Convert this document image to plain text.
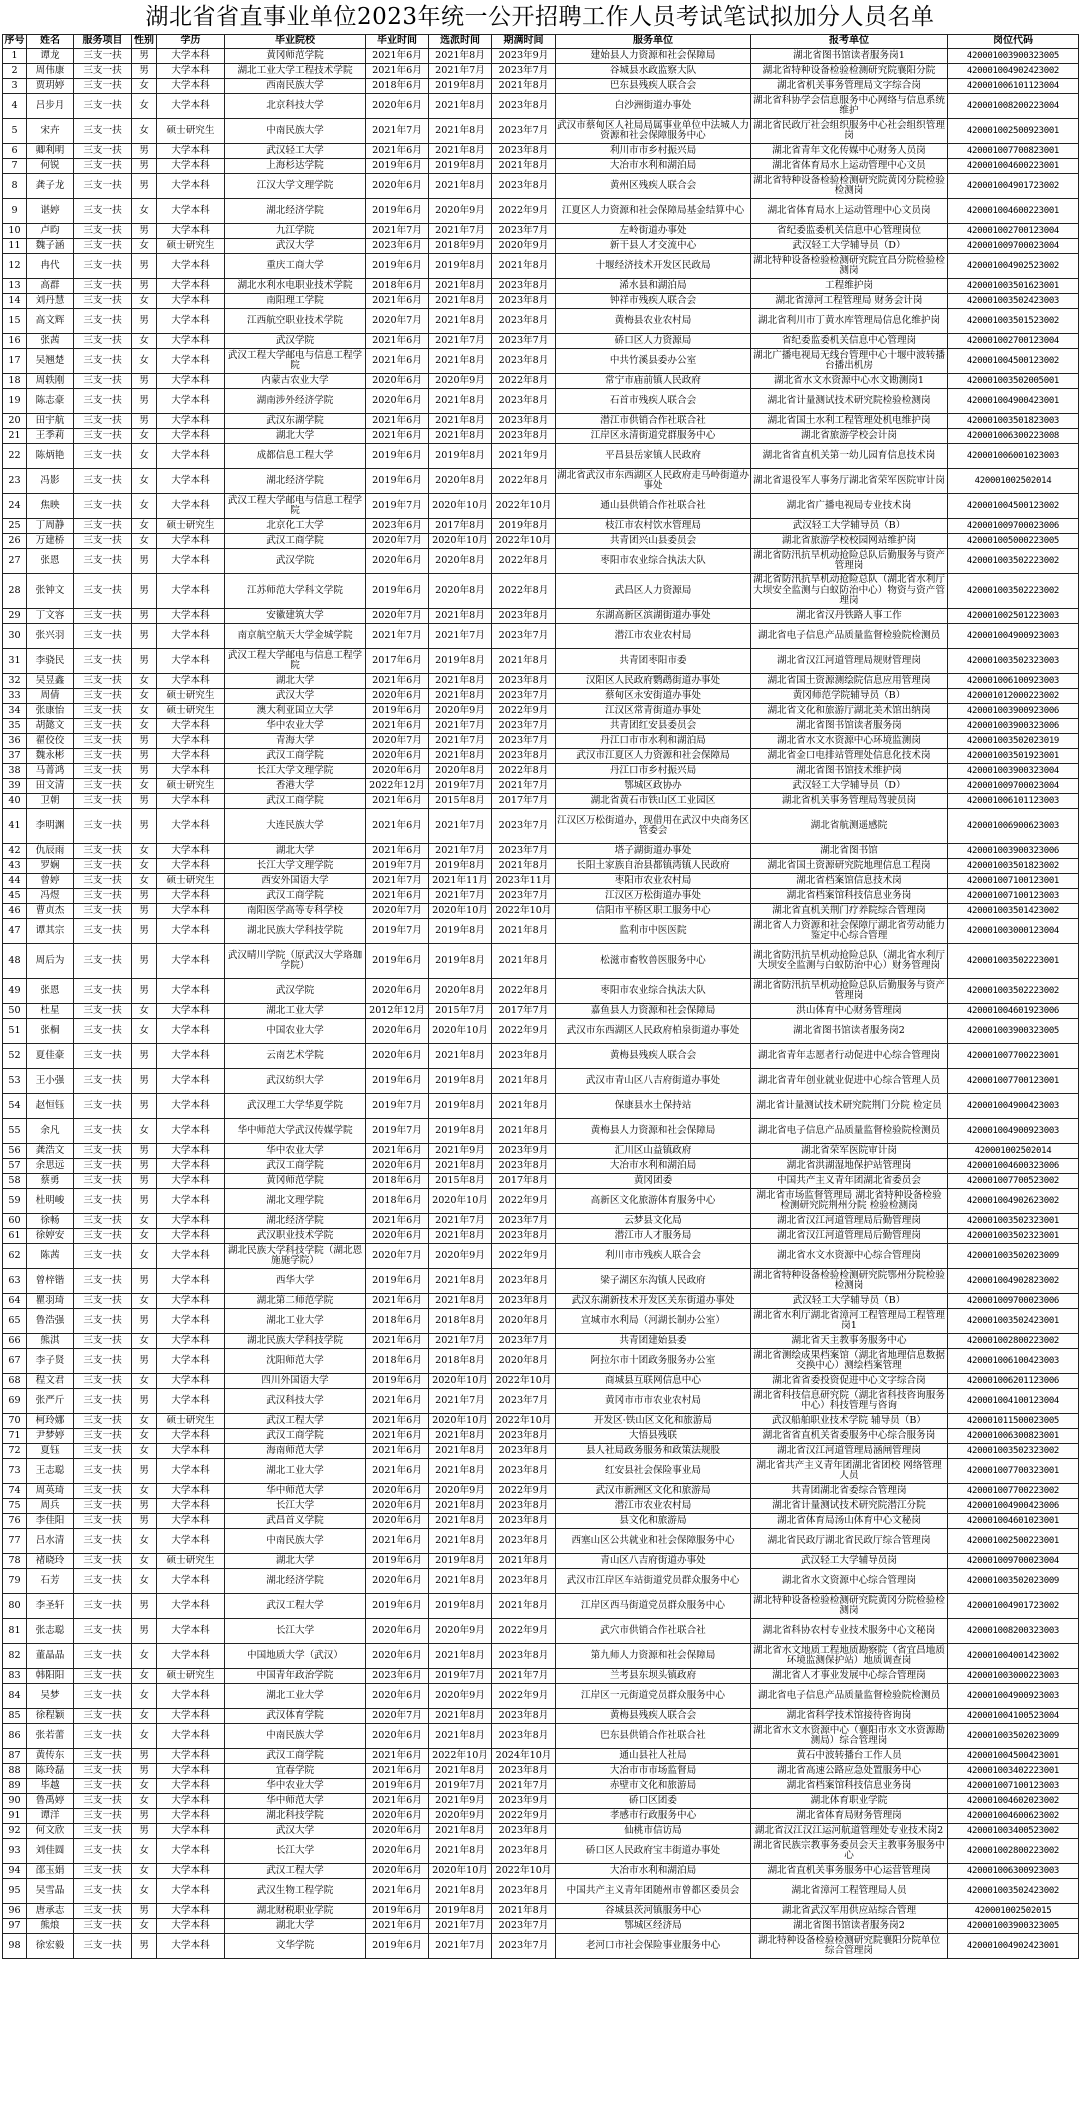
湖北省省直事业单位2023年统一公开招聘工作人员考试笔试拟加分人员名单
序号	姓名	服务项目	性别	学历	毕业院校	毕业时间	选派时间	期满时间	服务单位	报考单位	岗位代码
1	谭龙	三支一扶	男	大学本科	黄冈师范学院	2021年6月	2021年8月	2023年9月	建始县人力资源和社会保障局	湖北省图书馆读者服务岗1	420001003900323005
2	周伟康	三支一扶	男	大学本科	湖北工业大学工程技术学院	2021年6月	2021年7月	2023年7月	谷城县水政监察大队	湖北省特种设备检验检测研究院襄阳分院	420001004902423002
3	贾玥婷	三支一扶	女	大学本科	西南民族大学	2018年6月	2019年8月	2021年8月	巴东县残疾人联合会	湖北省机关事务管理局文字综合岗	420001006101123004
4	吕步月	三支一扶	女	大学本科	北京科技大学	2020年6月	2021年8月	2023年8月	白沙洲街道办事处	湖北省科协学会信息服务中心网络与信息系统维护	420001008200223004
5	宋卉	三支一扶	女	硕士研究生	中南民族大学	2021年7月	2021年8月	2023年7月	武汉市蔡甸区人社局局属事业单位中法城人力资源和社会保障服务中心	湖北省民政厅社会组织服务中心社会组织管理岗	420001002500923001
6	卿利明	三支一扶	男	大学本科	武汉轻工大学	2021年6月	2021年8月	2023年8月	利川市市乡村振兴局	湖北省青年文化传媒中心财务人员岗	420001007700823001
7	何锐	三支一扶	男	大学本科	上海杉达学院	2019年6月	2019年8月	2021年8月	大冶市水利和湖泊局	湖北省体育局水上运动管理中心文员	420001004600223001
8	龚子龙	三支一扶	男	大学本科	江汉大学文理学院	2020年6月	2021年8月	2023年8月	黄州区残疾人联合会	湖北省特种设备检验检测研究院黄冈分院检验检测岗	420001004901723002
9	谌婷	三支一扶	女	大学本科	湖北经济学院	2019年6月	2020年9月	2022年9月	江夏区人力资源和社会保障局基金结算中心	湖北省体育局水上运动管理中心文员岗	420001004600223001
10	卢昀	三支一扶	男	大学本科	九江学院	2021年7月	2021年7月	2023年7月	左岭街道办事处	省纪委监委机关信息中心管理岗位	420001002700123004
11	魏子涵	三支一扶	女	硕士研究生	武汉大学	2023年6月	2018年9月	2020年9月	新干县人才交流中心	武汉轻工大学辅导员（D）	420001009700023004
12	冉代	三支一扶	男	大学本科	重庆工商大学	2019年6月	2019年8月	2021年8月	十堰经济技术开发区民政局	湖北特种设备检验检测研究院宜昌分院检验检测岗	420001004902523002
13	高群	三支一扶	男	大学本科	湖北水利水电职业技术学院	2018年6月	2021年8月	2023年8月	浠水县和湖泊局	工程维护岗	420001003501623001
14	刘丹慧	三支一扶	女	大学本科	南阳理工学院	2021年6月	2021年8月	2023年8月	钟祥市残疾人联合会	湖北省漳河工程管理局 财务会计岗	420001003502423003
15	高文辉	三支一扶	男	大学本科	江西航空职业技术学院	2020年7月	2021年8月	2023年8月	黄梅县农业农村局	湖北省利川市丁黄水库管理局信息化维护岗	420001003501523002
16	张茜	三支一扶	女	大学本科	武汉学院	2021年6月	2021年7月	2023年7月	硚口区人力资源局	省纪委监委机关信息中心管理岗	420001002700123004
17	吴翘楚	三支一扶	女	大学本科	武汉工程大学邮电与信息工程学院	2021年6月	2021年8月	2023年8月	中共竹溪县委办公室	湖北广播电视局无线台管理中心十堰中波转播台播出机房	420001004500123002
18	周轶刚	三支一扶	男	大学本科	内蒙古农业大学	2020年6月	2020年9月	2022年8月	常宁市庙前镇人民政府	湖北省水文水资源中心水文勘测岗1	420001003502005001
19	陈志豪	三支一扶	男	大学本科	湖南涉外经济学院	2020年6月	2021年8月	2023年8月	石首市残疾人联合会	湖北省计量测试技术研究院检验检测岗	420001004900423001
20	田宇航	三支一扶	男	大学本科	武汉东湖学院	2021年6月	2021年8月	2023年8月	潜江市供销合作社联合社	湖北省国土水利工程管理处机电维护岗	420001003501823003
21	王季莉	三支一扶	女	大学本科	湖北大学	2021年6月	2021年8月	2023年8月	江岸区永清街道党群服务中心	湖北省旅游学校会计岗	420001006300223008
22	陈炳艳	三支一扶	女	大学本科	成都信息工程大学	2019年6月	2019年8月	2021年9月	平昌县岳家镇人民政府	湖北省省直机关第一幼儿园育信息技术岗	420001006001023003
23	冯影	三支一扶	女	大学本科	湖北经济学院	2019年6月	2020年8月	2022年8月	湖北省武汉市东西湖区人民政府走马岭街道办事处	湖北省退役军人事务厅湖北省荣军医院审计岗	420001002502014
24	焦映	三支一扶	女	大学本科	武汉工程大学邮电与信息工程学院	2019年7月	2020年10月	2022年10月	通山县供销合作社联合社	湖北省广播电视局专业技术岗	420001004500123002
25	丁周静	三支一扶	女	硕士研究生	北京化工大学	2023年6月	2017年8月	2019年8月	枝江市农村饮水管理局	武汉轻工大学辅导员（B）	420001009700023006
26	万建桥	三支一扶	女	大学本科	武汉工商学院	2020年7月	2020年10月	2022年10月	共青团兴山县委员会	湖北省旅游学校校园网站维护岗	420001005000223005
27	张恩	三支一扶	男	大学本科	武汉学院	2020年6月	2020年8月	2022年8月	枣阳市农业综合执法大队	湖北省防汛抗旱机动抢险总队后勤服务与资产管理岗	420001003502223002
28	张钟文	三支一扶	男	大学本科	江苏师范大学科文学院	2019年6月	2020年8月	2022年8月	武昌区人力资源局	湖北省防汛抗旱机动抢险总队（湖北省水利厅大坝安全监测与白蚁防治中心）物资与资产管理岗	420001003502223002
29	丁文容	三支一扶	男	大学本科	安徽建筑大学	2020年7月	2021年8月	2023年8月	东湖高新区滨湖街道办事处	湖北省汉丹铁路人事工作	420001002501223003
30	张兴羽	三支一扶	男	大学本科	南京航空航天大学金城学院	2021年7月	2021年7月	2023年7月	潜江市农业农村局	湖北省电子信息产品质量监督检验院检测员	420001004900923003
31	李骁民	三支一扶	男	大学本科	武汉工程大学邮电与信息工程学院	2017年6月	2019年8月	2021年8月	共青团枣阳市委	湖北省汉江河道管理局规财管理岗	420001003502323003
32	吴昱鑫	三支一扶	女	大学本科	湖北大学	2021年6月	2021年8月	2023年8月	汉阳区人民政府鹦鹉街道办事处	湖北省国土资源测绘院信息应用管理岗	420001006100923003
33	周倩	三支一扶	女	硕士研究生	武汉大学	2020年6月	2021年8月	2023年7月	蔡甸区永安街道办事处	黄冈师范学院辅导员（B）	420001012000223002
34	张康怡	三支一扶	女	硕士研究生	澳大利亚国立大学	2019年6月	2020年9月	2022年9月	江汉区常青街道办事处	湖北省文化和旅游厅湖北美术馆出纳岗	420001003900923006
35	胡懿文	三支一扶	女	大学本科	华中农业大学	2021年6月	2021年7月	2023年7月	共青团红安县委员会	湖北省图书馆读者服务岗	420001003900323006
36	翟佼佼	三支一扶	男	大学本科	青海大学	2020年7月	2021年7月	2023年7月	丹江口市市水利和湖泊局	湖北省水文水资源中心环境监测岗	420001003502023019
37	魏永彬	三支一扶	男	大学本科	武汉工商学院	2020年6月	2021年8月	2023年8月	武汉市江夏区人力资源和社会保障局	湖北省金口电排站管理处信息化技术岗	420001003501923001
38	马菁鸿	三支一扶	男	大学本科	长江大学文理学院	2020年6月	2020年8月	2022年8月	丹江口市乡村振兴局	湖北省图书馆技术维护岗	420001003900323004
39	田文清	三支一扶	女	硕士研究生	香港大学	2022年12月	2019年7月	2021年7月	鄂城区政协办	武汉轻工大学辅导员（D）	420001009700023004
40	卫朝	三支一扶	男	大学本科	武汉工商学院	2021年6月	2015年8月	2017年7月	湖北省黄石市铁山区工业园区	湖北省机关事务管理局驾驶员岗	420001006101123003
41	李明渊	三支一扶	男	大学本科	大连民族大学	2021年6月	2021年7月	2023年7月	江汉区万松街道办，现借用在武汉中央商务区管委会	湖北省航测遥感院	420001006900623003
42	仇辰雨	三支一扶	女	大学本科	湖北大学	2021年6月	2021年7月	2023年7月	塔子湖街道办事处	湖北省图书馆	420001003900323006
43	罗娴	三支一扶	女	大学本科	长江大学文理学院	2019年7月	2019年8月	2021年8月	长阳土家族自治县都镇湾镇人民政府	湖北省国土资源研究院地理信息工程岗	420001003501823002
44	曾婷	三支一扶	女	硕士研究生	西安外国语大学	2021年7月	2021年11月	2023年11月	枣阳市农业农村局	湖北省档案馆信息技术岗	420001007100123001
45	冯煜	三支一扶	男	大学本科	武汉工商学院	2021年6月	2021年7月	2023年7月	江汉区万松街道办事处	湖北省档案馆科技信息业务岗	420001007100123003
46	曹贞杰	三支一扶	男	大学本科	南阳医学高等专科学校	2020年7月	2020年10月	2022年10月	信阳市平桥区职工服务中心	湖北省直机关荆门疗养院综合管理岗	420001003501423002
47	谭其宗	三支一扶	男	大学本科	湖北民族大学科技学院	2019年7月	2019年8月	2021年8月	监利市中医医院	湖北省人力资源和社会保障厅湖北省劳动能力鉴定中心综合管理	420001003000123004
48	周后为	三支一扶	男	大学本科	武汉晴川学院（原武汉大学珞珈学院）	2019年6月	2019年8月	2021年8月	松滋市畜牧兽医服务中心	湖北省防汛抗旱机动抢险总队（湖北省水利厅大坝安全监测与白蚁防治中心）财务管理岗	420001003502223001
49	张恩	三支一扶	男	大学本科	武汉学院	2020年6月	2020年8月	2022年8月	枣阳市农业综合执法大队	湖北省防汛抗旱机动抢险总队后勤服务与资产管理岗	420001003502223002
50	杜星	三支一扶	女	大学本科	湖北工业大学	2012年12月	2015年7月	2017年7月	嘉鱼县人力资源和社会保障局	洪山体育中心财务管理岗	420001004601923006
51	张桐	三支一扶	女	大学本科	中国农业大学	2020年6月	2020年10月	2022年9月	武汉市东西湖区人民政府柏泉街道办事处	湖北省图书馆读者服务岗2	420001003900323005
52	夏佳豪	三支一扶	男	大学本科	云南艺术学院	2020年6月	2021年8月	2023年8月	黄梅县残疾人联合会	湖北省青年志愿者行动促进中心综合管理岗	420001007700223001
53	王小强	三支一扶	男	大学本科	武汉纺织大学	2019年6月	2019年8月	2021年8月	武汉市青山区八吉府街道办事处	湖北省青年创业就业促进中心综合管理人员	420001007700123001
54	赵恒钰	三支一扶	男	大学本科	武汉理工大学华夏学院	2019年7月	2019年8月	2021年8月	保康县水土保持站	湖北省计量测试技术研究院荆门分院 检定员	420001004900423003
55	余凡	三支一扶	女	大学本科	华中师范大学武汉传媒学院	2019年7月	2019年8月	2021年8月	黄梅县人力资源和社会保障局	湖北省电子信息产品质量监督检验院检测员	420001004900923003
56	龚浩文	三支一扶	男	大学本科	华中农业大学	2021年6月	2021年9月	2023年9月	汇川区山益镇政府	湖北省荣军医院审计岗	420001002502014
57	余思远	三支一扶	男	大学本科	武汉工商学院	2020年6月	2021年8月	2023年8月	大冶市水利和湖泊局	湖北省洪湖湿地保护站管理岗	420001004600323006
58	蔡勇	三支一扶	男	大学本科	黄冈师范学院	2018年6月	2015年8月	2017年8月	黄冈团委	中国共产主义青年团湖北省委员会	420001007700523002
59	杜明峻	三支一扶	男	大学本科	湖北文理学院	2018年6月	2020年10月	2022年9月	高新区文化旅游体育服务中心	湖北省市场监督管理局 湖北省特种设备检验检测研究院荆州分院 检验检测岗	420001004902623002
60	徐畅	三支一扶	女	大学本科	湖北经济学院	2021年6月	2021年7月	2023年7月	云梦县文化局	湖北省汉江河道管理局后勤管理岗	420001003502323001
61	徐婷安	三支一扶	女	大学本科	武汉职业技术学院	2020年6月	2021年8月	2023年8月	潜江市人才服务局	湖北省汉江河道管理局后勤管理岗	420001003502323001
62	陈茜	三支一扶	女	大学本科	湖北民族大学科技学院（湖北恩施施学院）	2020年7月	2020年9月	2022年9月	利川市市残疾人联合会	湖北省水文水资源中心综合管理岗	420001003502023009
63	曾梓锴	三支一扶	男	大学本科	西华大学	2019年6月	2021年8月	2023年8月	梁子湖区东沟镇人民政府	湖北省特种设备检验检测研究院鄂州分院检验检测岗	420001004902823002
64	瞿羽琦	三支一扶	女	大学本科	湖北第二师范学院	2021年6月	2021年8月	2023年8月	武汉东湖新技术开发区关东街道办事处	武汉轻工大学辅导员（B）	420001009700023006
65	鲁浩强	三支一扶	男	大学本科	湖北工业大学	2018年6月	2018年8月	2020年8月	宣城市水利局（河湖长制办公室）	湖北省水利厅湖北省漳河工程管理局工程管理岗1	420001003502423001
66	熊淇	三支一扶	女	大学本科	湖北民族大学科技学院	2021年6月	2021年7月	2023年7月	共青团建始县委	湖北省天主教事务服务中心	420001002800223002
67	李子贤	三支一扶	男	大学本科	沈阳师范大学	2018年6月	2018年8月	2020年8月	阿拉尔市十团政务服务办公室	湖北省测绘成果档案馆（湖北省地理信息数据交换中心）测绘档案管理	420001006100423003
68	程文君	三支一扶	女	大学本科	四川外国语大学	2019年6月	2020年10月	2022年10月	商城县互联网信息中心	湖北省省委投资促进中心文字综合岗	420001006201123006
69	张严斤	三支一扶	男	大学本科	武汉科技大学	2021年6月	2021年7月	2023年7月	黄冈市市市农业农村局	湖北省科技信息研究院（湖北省科技咨询服务中心）科技管理与咨询	420001004100123004
70	柯玲娜	三支一扶	女	硕士研究生	武汉工程大学	2021年6月	2020年10月	2022年10月	开发区·铁山区文化和旅游局	武汉船舶职业技术学院 辅导员（B）	420001011500023005
71	尹梦婷	三支一扶	女	大学本科	武汉工商学院	2021年6月	2021年8月	2023年8月	大悟县残联	湖北省省直机关省委服务中心综合服务岗	420001006300823001
72	夏钰	三支一扶	女	大学本科	海南师范大学	2021年6月	2021年8月	2023年8月	县人社局政务服务和政策法规股	湖北省汉江河道管理局涵闸管理岗	420001003502323002
73	王志聪	三支一扶	男	大学本科	湖北工业大学	2021年6月	2021年8月	2023年8月	红安县社会保险事业局	湖北省共产主义青年团湖北省团校 网络管理人员	420001007700323001
74	周英琦	三支一扶	女	大学本科	华中师范大学	2020年6月	2020年9月	2022年9月	武汉市新洲区文化和旅游局	共青团湖北省委综合管理岗	420001007700223002
75	周兵	三支一扶	男	大学本科	长江大学	2020年6月	2021年8月	2023年8月	潜江市农业农村局	湖北省计量测试技术研究院潜江分院	420001004900423006
76	李佳阳	三支一扶	男	大学本科	武昌首义学院	2020年6月	2021年8月	2023年8月	县文化和旅游局	湖北省体育局汤山体育中心文秘岗	420001004601023001
77	吕水清	三支一扶	女	大学本科	中南民族大学	2021年6月	2021年8月	2023年8月	西塞山区公共就业和社会保障服务中心	湖北省民政厅湖北省民政厅综合管理岗	420001002500223001
78	褚晓玲	三支一扶	女	硕士研究生	湖北大学	2019年6月	2019年8月	2021年8月	青山区八吉府街道办事处	武汉轻工大学辅导员岗	420001009700023004
79	石芳	三支一扶	女	大学本科	湖北经济学院	2020年6月	2021年8月	2023年8月	武汉市江岸区车站街道党员群众服务中心	湖北省水文资源中心综合管理岗	420001003502023009
80	李圣轩	三支一扶	男	大学本科	武汉工程大学	2019年6月	2019年8月	2021年8月	江岸区西马街道党员群众服务中心	湖北特种设备检验检测研究院黄冈分院检验检测岗	420001004901723002
81	张志聪	三支一扶	男	大学本科	长江大学	2020年6月	2020年9月	2022年9月	武穴市供销合作社联合社	湖北省科协农村专业技术服务中心文秘岗	420001008200323003
82	董晶晶	三支一扶	女	大学本科	中国地质大学（武汉）	2020年6月	2021年8月	2023年8月	第九师人力资源和社会保障局	湖北省水文地质工程地质勘察院（省宜昌地质环境监测保护站）地质调查岗	420001004001423002
83	韩阳阳	三支一扶	女	硕士研究生	中国青年政治学院	2023年6月	2019年7月	2021年7月	兰考县东坝头镇政府	湖北省人才事业发展中心综合管理岗	420001003000223003
84	吴梦	三支一扶	女	大学本科	湖北工业大学	2020年6月	2020年9月	2022年9月	江岸区一元街道党员群众服务中心	湖北省电子信息产品质量监督检验院检测员	420001004900923003
85	徐程颖	三支一扶	女	大学本科	武汉体育学院	2020年7月	2021年8月	2023年8月	黄梅县残疾人联合会	湖北省科学技术馆接待咨询岗	420001004100523004
86	张若蕾	三支一扶	女	大学本科	中南民族大学	2020年6月	2021年8月	2023年8月	巴东县供销合作社联合社	湖北省水文水资源中心（襄阳市水文水资源勘测局）综合管理岗	420001003502023009
87	黄传东	三支一扶	男	大学本科	武汉工商学院	2021年6月	2022年10月	2024年10月	通山县社人社局	黄石中波转播台工作人员	420001004500423001
88	陈玲磊	三支一扶	男	大学本科	宜春学院	2021年6月	2021年8月	2023年8月	大冶市市市场监督局	湖北省高速公路应急处置服务中心	420001003402223001
89	毕越	三支一扶	女	大学本科	华中农业大学	2019年6月	2019年7月	2021年7月	赤壁市文化和旅游局	湖北省档案馆科技信息业务岗	420001007100123003
90	鲁禹婷	三支一扶	女	大学本科	华中师范大学	2021年6月	2021年9月	2023年9月	硚口区团委	湖北体育职业学院	420001004602023002
91	谭洋	三支一扶	男	大学本科	湖北科技学院	2020年6月	2020年9月	2022年9月	孝感市行政服务中心	湖北省体育局财务管理岗	420001004600623002
92	何文欣	三支一扶	男	大学本科	武汉大学	2020年6月	2021年8月	2023年8月	仙桃市信访局	湖北省汉江汉江运河航道管理处专业技术岗2	420001003400523002
93	刘佳圆	三支一扶	女	大学本科	长江大学	2020年6月	2021年8月	2023年8月	硚口区人民政府宝丰街道办事处	湖北省民族宗教事务委员会天主教事务服务中心	420001002800223002
94	邵玉娟	三支一扶	女	大学本科	武汉工程大学	2020年6月	2020年10月	2022年10月	大冶市水利和湖泊局	湖北省直机关事务服务中心运营管理岗	420001006300923003
95	吴雪晶	三支一扶	女	大学本科	武汉生物工程学院	2021年6月	2021年8月	2023年8月	中国共产主义青年团随州市曾都区委员会	湖北省漳河工程管理局人员	420001003502423002
96	唐承志	三支一扶	男	大学本科	湖北财税职业学院	2019年6月	2019年8月	2021年8月	谷城县茨河镇服务中心	湖北省武汉军用供应站综合管理	420001002502015
97	熊烺	三支一扶	女	大学本科	湖北大学	2021年6月	2021年7月	2023年7月	鄂城区经济局	湖北省图书馆读者服务岗2	420001003900323005
98	徐宏毅	三支一扶	男	大学本科	文华学院	2019年6月	2021年7月	2023年7月	老河口市社会保险事业服务中心	湖北特种设备检验检测研究院襄阳分院单位 综合管理岗	420001004902423001
